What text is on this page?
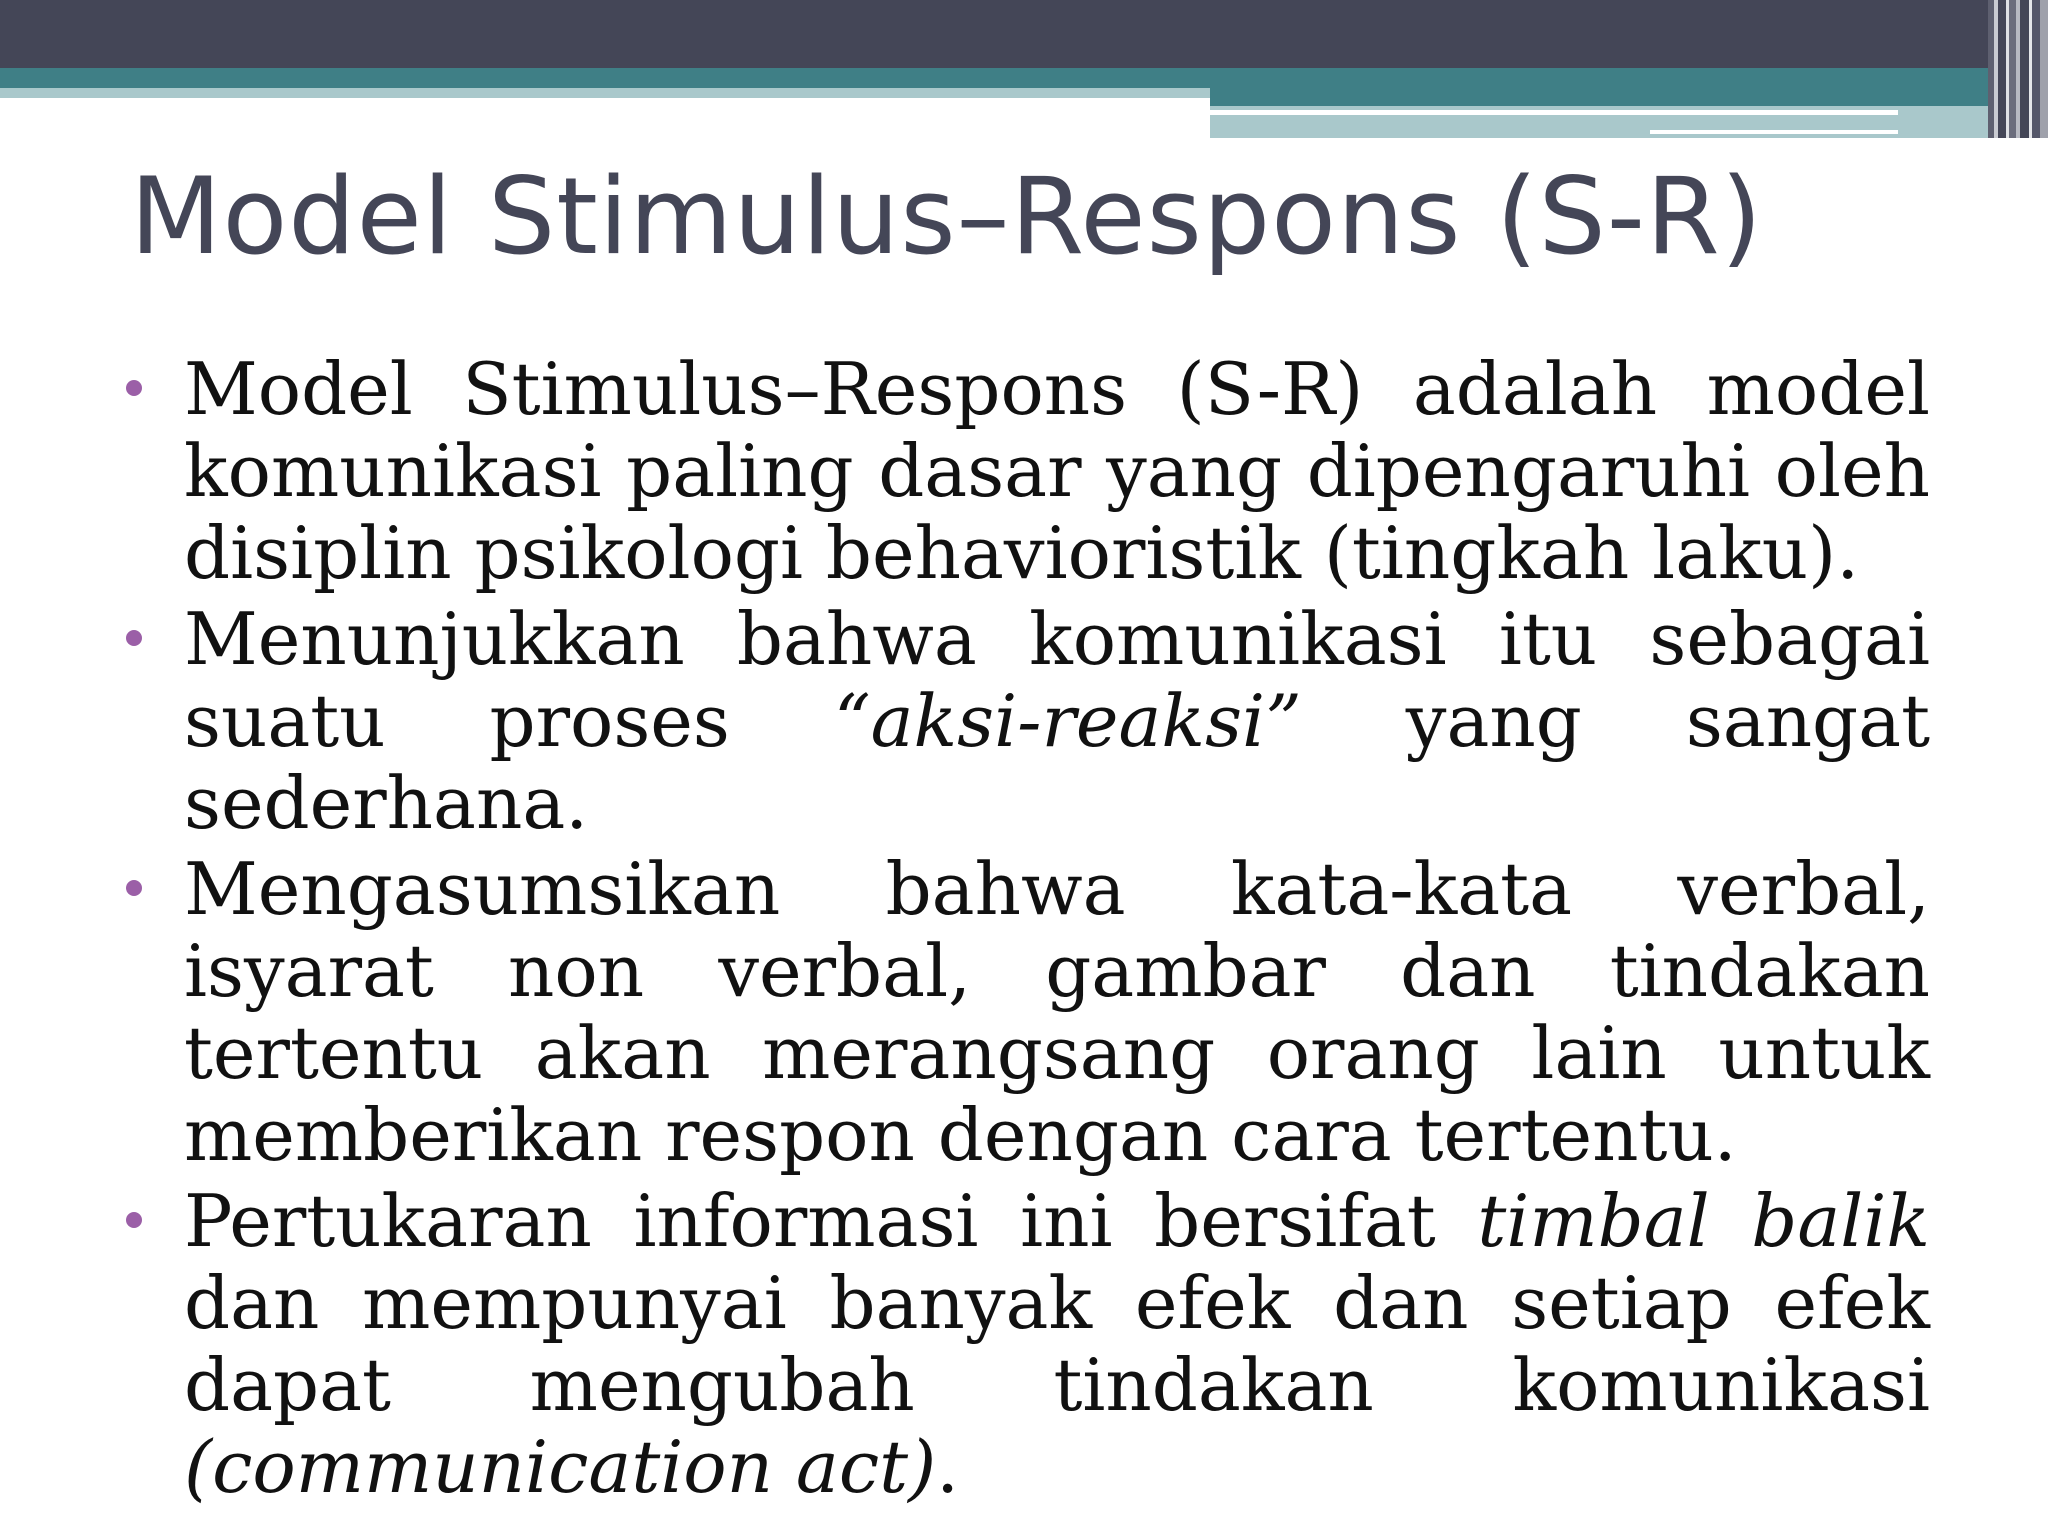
Model Stimulus–Respons (S-R)
Model Stimulus–Respons (S-R) adalah model komunikasi paling dasar yang dipengaruhi oleh disiplin psikologi behavioristik (tingkah laku).
Menunjukkan bahwa komunikasi itu sebagai suatu proses “aksi-reaksi” yang sangat sederhana.
Mengasumsikan bahwa kata-kata verbal, isyarat non verbal, gambar dan tindakan tertentu akan merangsang orang lain untuk memberikan respon dengan cara tertentu.
Pertukaran informasi ini bersifat timbal balik dan mempunyai banyak efek dan setiap efek dapat mengubah tindakan komunikasi (communication act).
